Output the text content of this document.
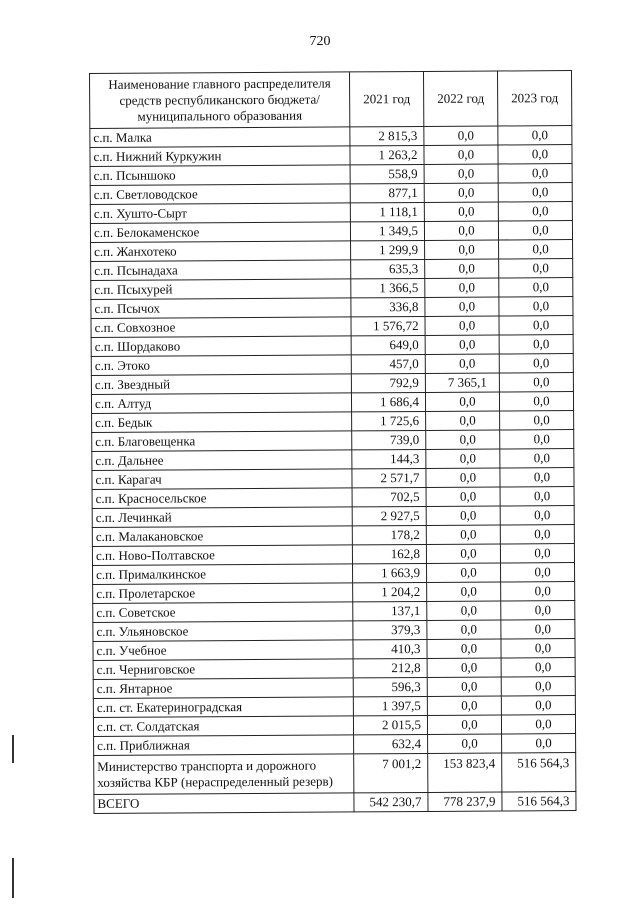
720
Наименование главного распределителя средств республиканского бюджета/ муниципального образования	2021 год	2022 год	2023 год
с.п. Малка	2 815,3	0,0	0,0
с.п. Нижний Куркужин	1 263,2	0,0	0,0
с.п. Псыншоко	558,9	0,0	0,0
с.п. Светловодское	877,1	0,0	0,0
с.п. Хушто-Сырт	1 118,1	0,0	0,0
с.п. Белокаменское	1 349,5	0,0	0,0
с.п. Жанхотеко	1 299,9	0,0	0,0
с.п. Псынадаха	635,3	0,0	0,0
с.п. Псыхурей	1 366,5	0,0	0,0
с.п. Псычох	336,8	0,0	0,0
с.п. Совхозное	1 576,72	0,0	0,0
с.п. Шордаково	649,0	0,0	0,0
с.п. Этоко	457,0	0,0	0,0
с.п. Звездный	792,9	7 365,1	0,0
с.п. Алтуд	1 686,4	0,0	0,0
с.п. Бедык	1 725,6	0,0	0,0
с.п. Благовещенка	739,0	0,0	0,0
с.п. Дальнее	144,3	0,0	0,0
с.п. Карагач	2 571,7	0,0	0,0
с.п. Красносельское	702,5	0,0	0,0
с.п. Лечинкай	2 927,5	0,0	0,0
с.п. Малакановское	178,2	0,0	0,0
с.п. Ново-Полтавское	162,8	0,0	0,0
с.п. Прималкинское	1 663,9	0,0	0,0
с.п. Пролетарское	1 204,2	0,0	0,0
с.п. Советское	137,1	0,0	0,0
с.п. Ульяновское	379,3	0,0	0,0
с.п. Учебное	410,3	0,0	0,0
с.п. Черниговское	212,8	0,0	0,0
с.п. Янтарное	596,3	0,0	0,0
с.п. ст. Екатериноградская	1 397,5	0,0	0,0
с.п. ст. Солдатская	2 015,5	0,0	0,0
с.п. Приближная	632,4	0,0	0,0
Министерство транспорта и дорожного хозяйства КБР (нераспределенный резерв)	7 001,2	153 823,4	516 564,3
ВСЕГО	542 230,7	778 237,9	516 564,3
